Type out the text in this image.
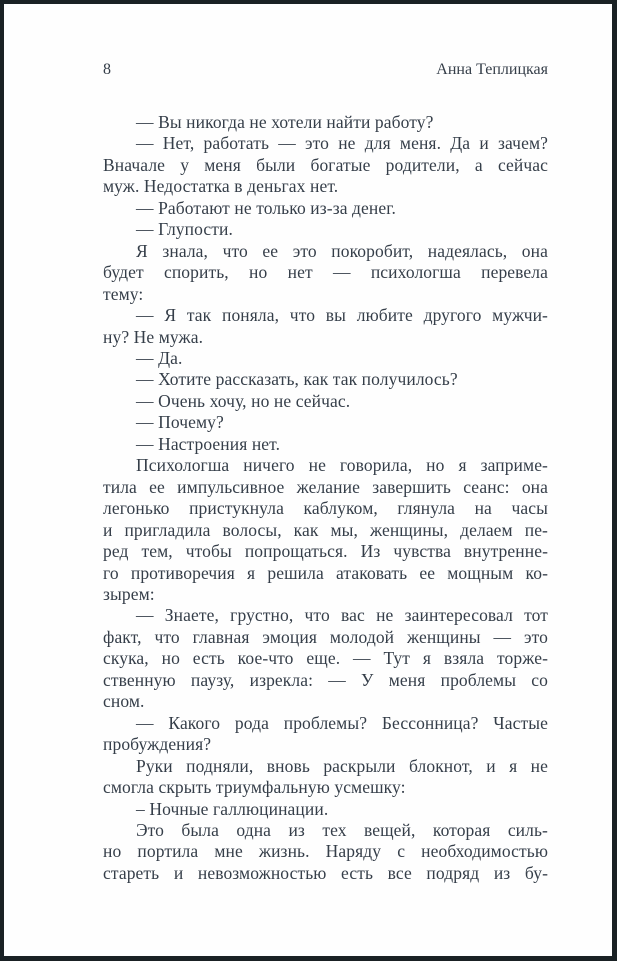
8	Анна Теплицкая
— Вы никогда не хотели найти работу?
— Нет, работать — это не для меня. Да и зачем?
Вначале у меня были богатые родители, а сейчас
муж. Недостатка в деньгах нет.
— Работают не только из-за денег.
— Глупости.
Я знала, что ее это покоробит, надеялась, она
будет спорить, но нет — психологша перевела
тему:
— Я так поняла, что вы любите другого мужчи-
ну? Не мужа.
— Да.
— Хотите рассказать, как так получилось?
— Очень хочу, но не сейчас.
— Почему?
— Настроения нет.
Психологша ничего не говорила, но я заприме-
тила ее импульсивное желание завершить сеанс: она
легонько пристукнула каблуком, глянула на часы
и пригладила волосы, как мы, женщины, делаем пе-
ред тем, чтобы попрощаться. Из чувства внутренне-
го противоречия я решила атаковать ее мощным ко-
зырем:
— Знаете, грустно, что вас не заинтересовал тот
факт, что главная эмоция молодой женщины — это
скука, но есть кое-что еще. — Тут я взяла торже-
ственную паузу, изрекла: — У меня проблемы со
сном.
— Какого рода проблемы? Бессонница? Частые
пробуждения?
Руки подняли, вновь раскрыли блокнот, и я не
смогла скрыть триумфальную усмешку:
– Ночные галлюцинации.
Это была одна из тех вещей, которая силь-
но портила мне жизнь. Наряду с необходимостью
стареть и невозможностью есть все подряд из бу-
